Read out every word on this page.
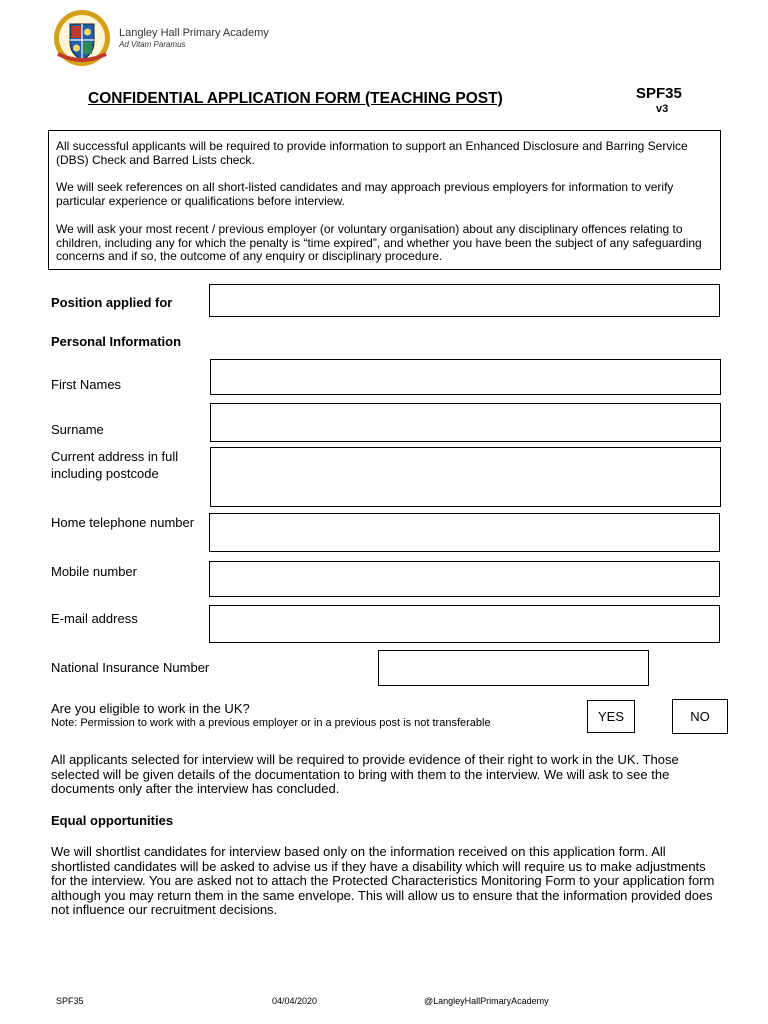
Langley Hall Primary Academy
Ad Vitam Paramus
CONFIDENTIAL APPLICATION FORM (TEACHING POST)	SPF35
v3
All successful applicants will be required to provide information to support an Enhanced Disclosure and Barring Service (DBS) Check and Barred Lists check.
We will seek references on all short-listed candidates and may approach previous employers for information to verify particular experience or qualifications before interview.
We will ask your most recent / previous employer (or voluntary organisation) about any disciplinary offences relating to children, including any for which the penalty is “time expired”, and whether you have been the subject of any safeguarding concerns and if so, the outcome of any enquiry or disciplinary procedure.
Position applied for
Personal Information
First Names
Surname
Current address in full including postcode
Home telephone number
Mobile number
E-mail address
National Insurance Number
Are you eligible to work in the UK?
Note: Permission to work with a previous employer or in a previous post is not transferable	YES	NO
All applicants selected for interview will be required to provide evidence of their right to work in the UK. Those selected will be given details of the documentation to bring with them to the interview. We will ask to see the documents only after the interview has concluded.
Equal opportunities
We will shortlist candidates for interview based only on the information received on this application form. All shortlisted candidates will be asked to advise us if they have a disability which will require us to make adjustments for the interview. You are asked not to attach the Protected Characteristics Monitoring Form to your application form although you may return them in the same envelope. This will allow us to ensure that the information provided does not influence our recruitment decisions.
SPF35	04/04/2020	@LangleyHallPrimaryAcademy
